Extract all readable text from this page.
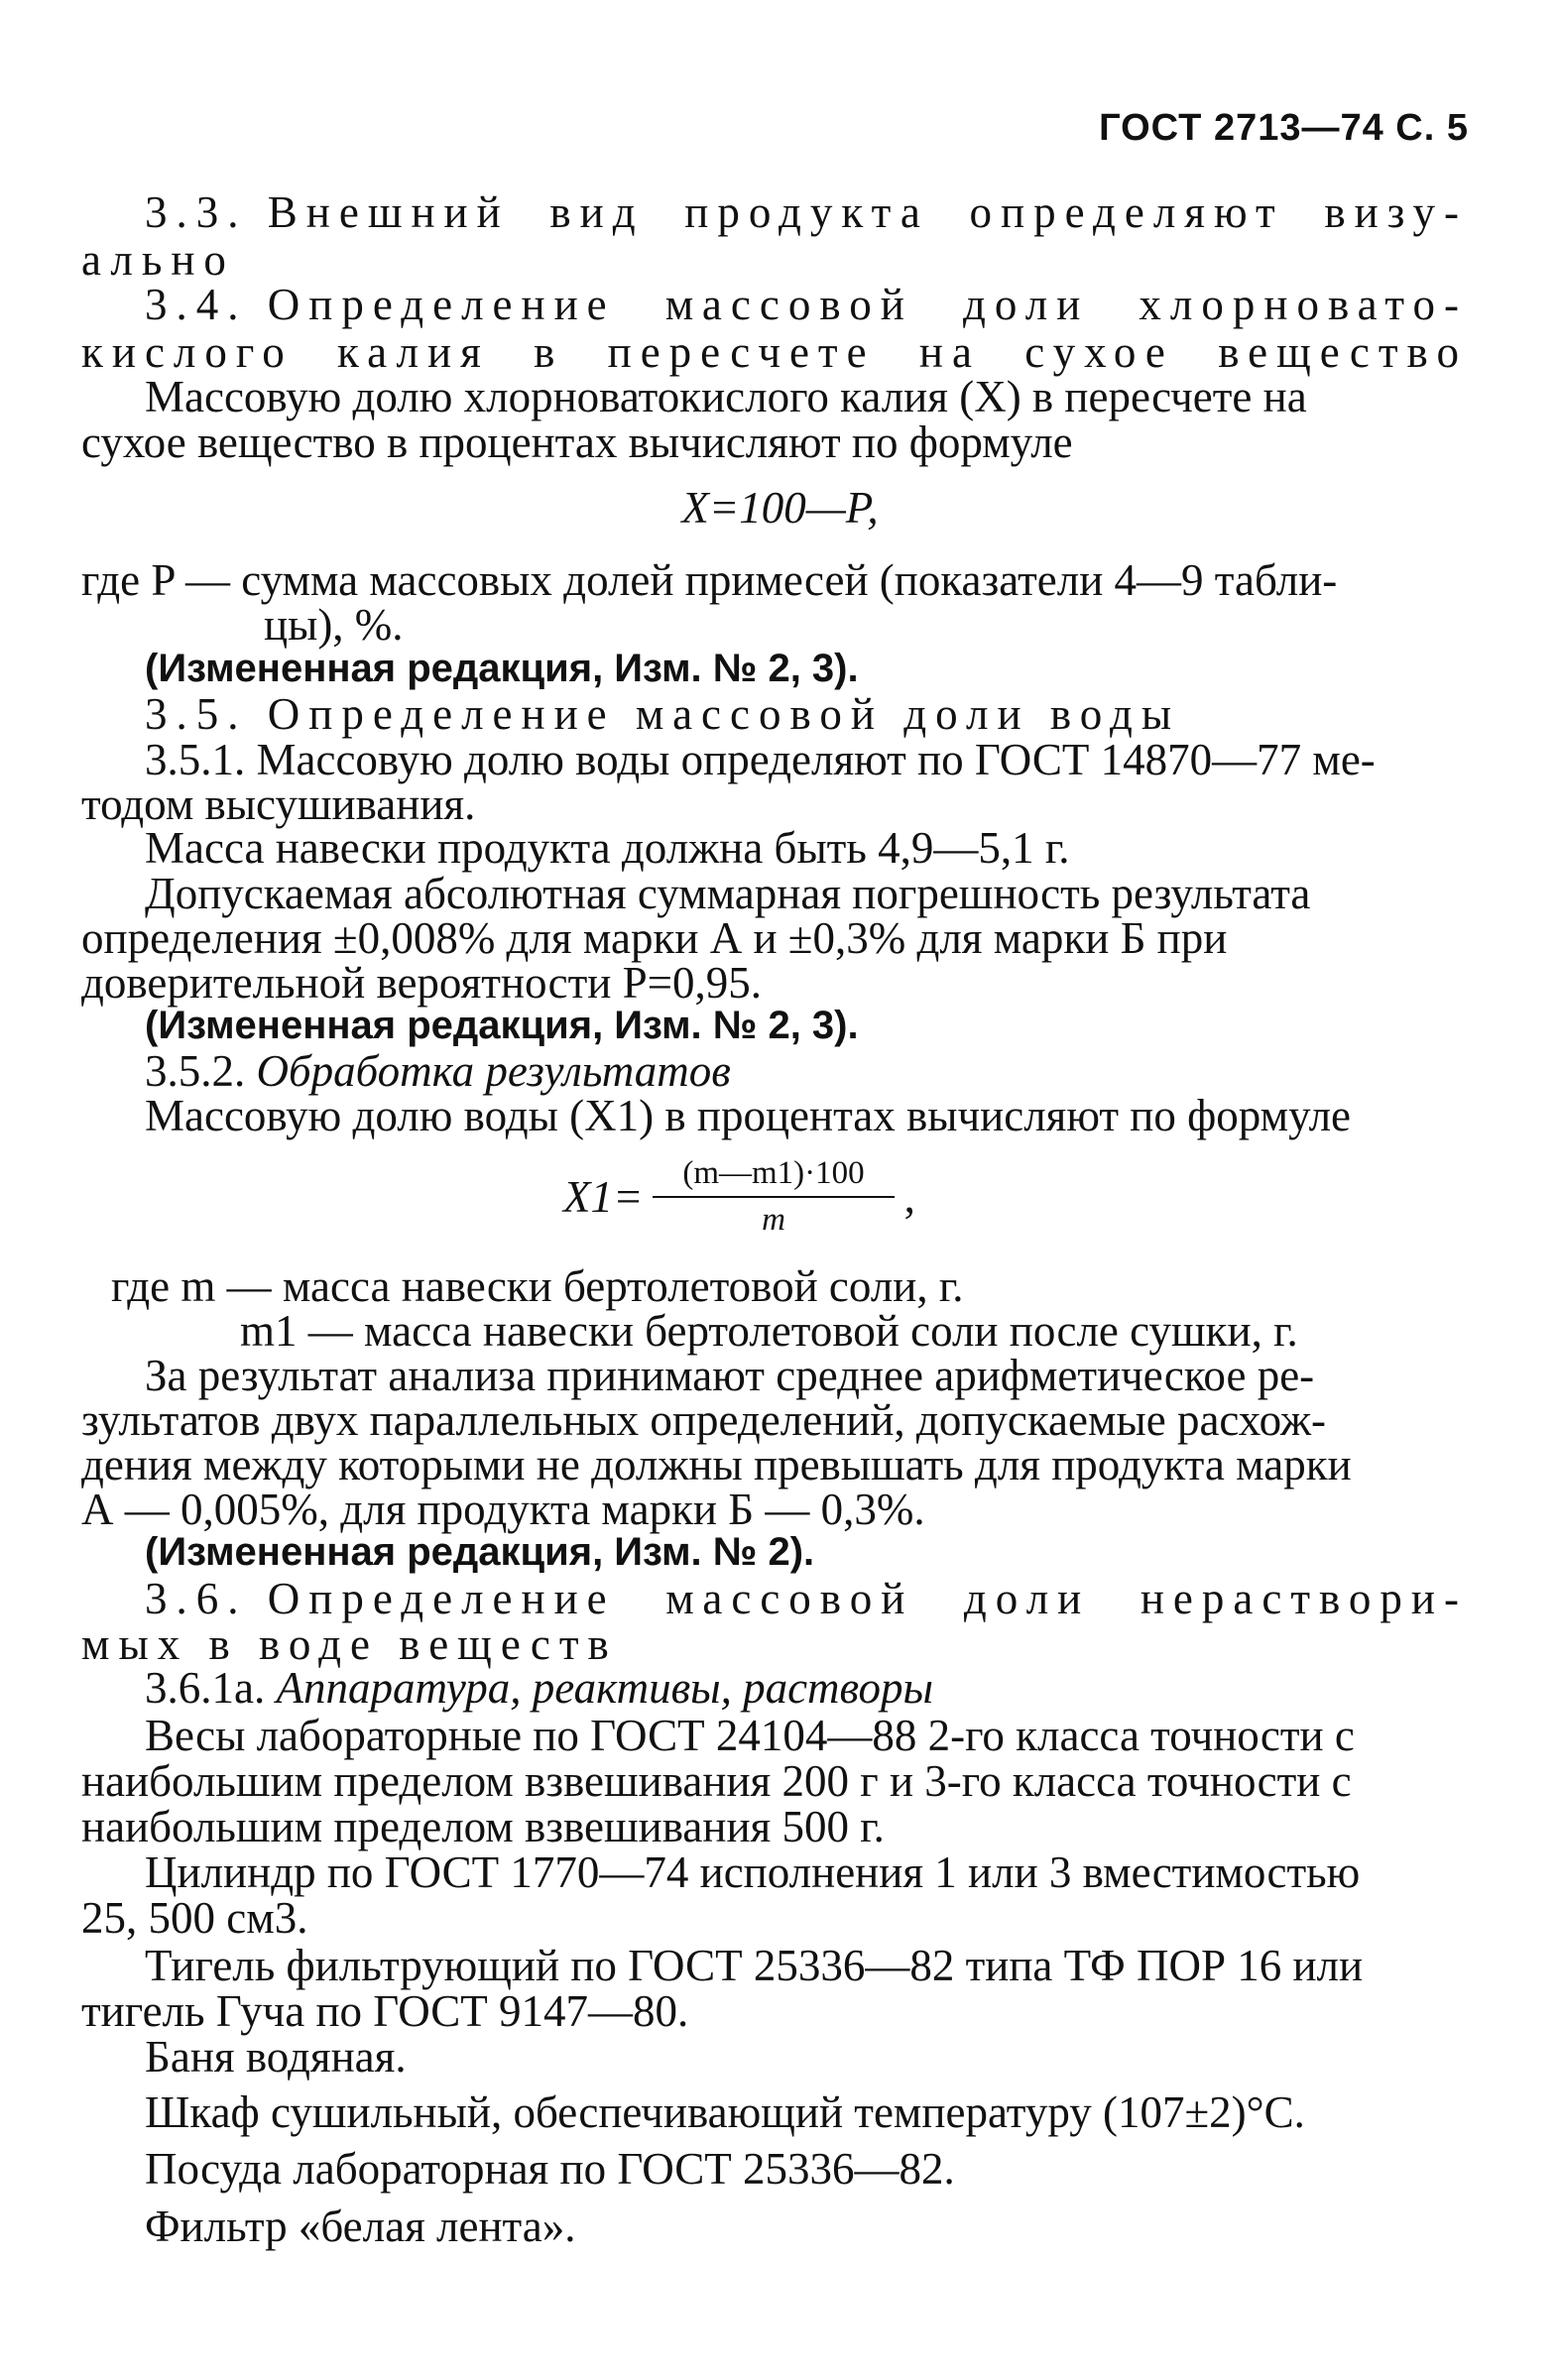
ГОСТ 2713—74 С. 5
3.3. Внешний вид продукта определяют визу-
ально
3.4. Определение массовой доли хлорновато-
кислого калия в пересчете на сухое вещество
Массовую долю хлорноватокислого калия (X) в пересчете на
сухое вещество в процентах вычисляют по формуле
X=100—P,
где P — сумма массовых долей примесей (показатели 4—9 табли-
цы), %.
(Измененная редакция, Изм. № 2, 3).
3.5. Определение массовой доли воды
3.5.1. Массовую долю воды определяют по ГОСТ 14870—77 ме-
тодом высушивания.
Масса навески продукта должна быть 4,9—5,1 г.
Допускаемая абсолютная суммарная погрешность результата
определения ±0,008% для марки А и ±0,3% для марки Б при
доверительной вероятности P=0,95.
(Измененная редакция, Изм. № 2, 3).
3.5.2. Обработка результатов
Массовую долю воды (X1) в процентах вычисляют по формуле
$X1= \frac{(m—m1)\cdot 100}{m}$ ,
где m — масса навески бертолетовой соли, г.
m1 — масса навески бертолетовой соли после сушки, г.
За результат анализа принимают среднее арифметическое ре-
зультатов двух параллельных определений, допускаемые расхож-
дения между которыми не должны превышать для продукта марки
А — 0,005%, для продукта марки Б — 0,3%.
(Измененная редакция, Изм. № 2).
3.6. Определение массовой доли нераствори-
мых в воде веществ
3.6.1а. Аппаратура, реактивы, растворы
Весы лабораторные по ГОСТ 24104—88 2-го класса точности с
наибольшим пределом взвешивания 200 г и 3-го класса точности с
наибольшим пределом взвешивания 500 г.
Цилиндр по ГОСТ 1770—74 исполнения 1 или 3 вместимостью
25, 500 см3.
Тигель фильтрующий по ГОСТ 25336—82 типа ТФ ПОР 16 или
тигель Гуча по ГОСТ 9147—80.
Баня водяная.
Шкаф сушильный, обеспечивающий температуру (107±2)°С.
Посуда лабораторная по ГОСТ 25336—82.
Фильтр «белая лента».
